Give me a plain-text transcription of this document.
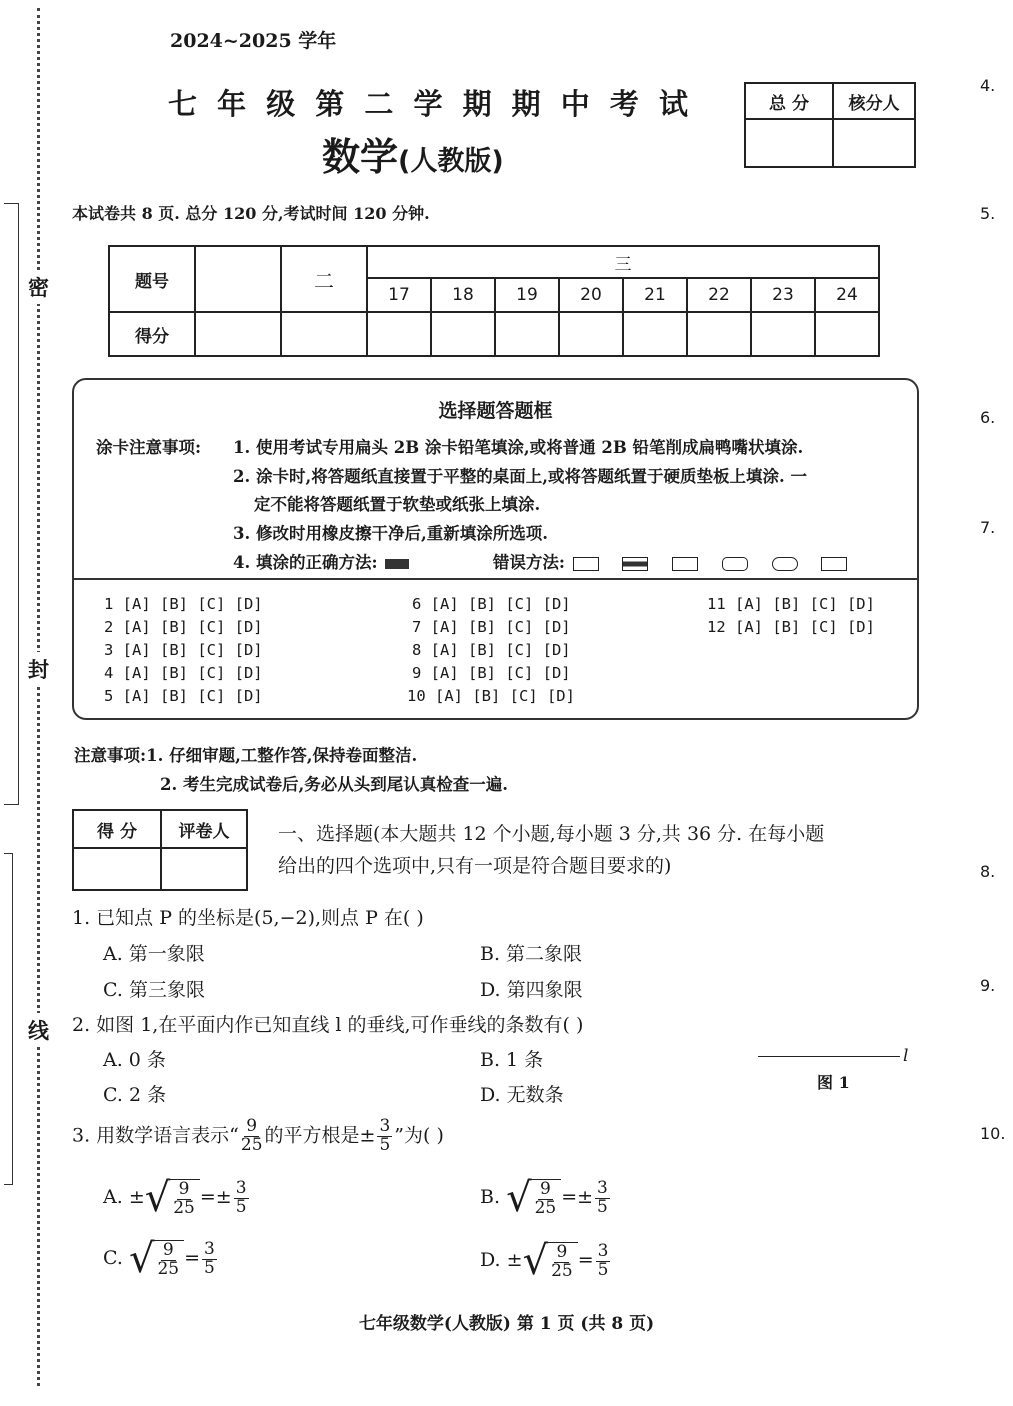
密
封
线
4.
5.
6.
7.
8.
9.
10.
2024~2025 学年
七 年 级 第 二 学 期 期 中 考 试
数学(人教版)
总 分	核分人

本试卷共 8 页. 总分 120 分,考试时间 120 分钟.
题号		二	三							
			17	18	19	20	21	22	23	24
得分										
选择题答题框
涂卡注意事项: 1. 使用考试专用扁头 2B 涂卡铅笔填涂,或将普通 2B 铅笔削成扁鸭嘴状填涂.
2. 涂卡时,将答题纸直接置于平整的桌面上,或将答题纸置于硬质垫板上填涂. 一
定不能将答题纸置于软垫或纸张上填涂.
3. 修改时用橡皮擦干净后,重新填涂所选项.
4. 填涂的正确方法:	错误方法:
1 [A] [B] [C] [D]
2 [A] [B] [C] [D]
3 [A] [B] [C] [D]
4 [A] [B] [C] [D]
5 [A] [B] [C] [D]
6 [A] [B] [C] [D]
7 [A] [B] [C] [D]
8 [A] [B] [C] [D]
9 [A] [B] [C] [D]
10 [A] [B] [C] [D]
11 [A] [B] [C] [D]
12 [A] [B] [C] [D]
注意事项:1. 仔细审题,工整作答,保持卷面整洁.
2. 考生完成试卷后,务必从头到尾认真检查一遍.
得 分	评卷人
		一、选择题(本大题共 12 个小题,每小题 3 分,共 36 分. 在每小题
给出的四个选项中,只有一项是符合题目要求的)
1. 已知点 P 的坐标是(5,−2),则点 P 在( )
A. 第一象限	B. 第二象限
C. 第三象限	D. 第四象限
2. 如图 1,在平面内作已知直线 l 的垂线,可作垂线的条数有( )
A. 0 条	B. 1 条
C. 2 条	D. 无数条
l
图 1
3. 用数学语言表示“ $\frac{9}{25}$ 的平方根是± $\frac{3}{5}$ ”为( )
A. ± √ $\frac{9}{25} =\pm \frac{3}{5}$	B. √ $\frac{9}{25} =\pm \frac{3}{5}$
C. √ $\frac{9}{25} = \frac{3}{5}$	D. ± √ $\frac{9}{25} = \frac{3}{5}$
七年级数学(人教版) 第 1 页 (共 8 页)
